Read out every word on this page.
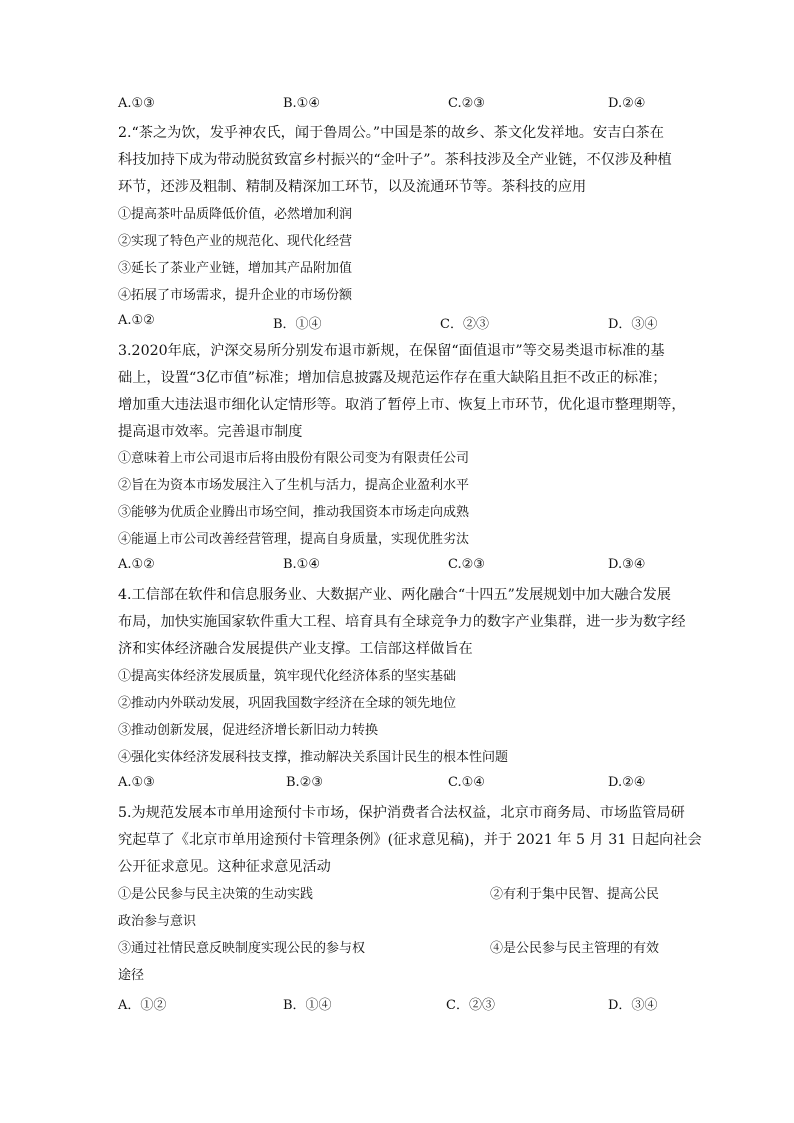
A.①③	B.①④	C.②③	D.②④
2.“茶之为饮，发乎神农氏，闻于鲁周公。”中国是茶的故乡、茶文化发祥地。安吉白茶在
科技加持下成为带动脱贫致富乡村振兴的“金叶子”。茶科技涉及全产业链，不仅涉及种植
环节，还涉及粗制、精制及精深加工环节，以及流通环节等。茶科技的应用
①提高茶叶品质降低价值，必然增加利润
②实现了特色产业的规范化、现代化经营
③延长了茶业产业链，增加其产品附加值
④拓展了市场需求，提升企业的市场份额
A.①②	B．①④	C．②③	D．③④
3.2020年底，沪深交易所分别发布退市新规，在保留“面值退市”等交易类退市标准的基
础上，设置“3亿市值”标准；增加信息披露及规范运作存在重大缺陷且拒不改正的标准；
增加重大违法退市细化认定情形等。取消了暂停上市、恢复上市环节，优化退市整理期等，
提高退市效率。完善退市制度
①意味着上市公司退市后将由股份有限公司变为有限责任公司
②旨在为资本市场发展注入了生机与活力，提高企业盈利水平
③能够为优质企业腾出市场空间，推动我国资本市场走向成熟
④能逼上市公司改善经营管理，提高自身质量，实现优胜劣汰
A.①②	B.①④	C.②③	D.③④
4.工信部在软件和信息服务业、大数据产业、两化融合“十四五”发展规划中加大融合发展
布局，加快实施国家软件重大工程、培育具有全球竞争力的数字产业集群，进一步为数字经
济和实体经济融合发展提供产业支撑。工信部这样做旨在
①提高实体经济发展质量，筑牢现代化经济体系的坚实基础
②推动内外联动发展，巩固我国数字经济在全球的领先地位
③推动创新发展，促进经济增长新旧动力转换
④强化实体经济发展科技支撑，推动解决关系国计民生的根本性问题
A.①③	B.②③	C.①④	D.②④
5.为规范发展本市单用途预付卡市场，保护消费者合法权益，北京市商务局、市场监管局研
究起草了《北京市单用途预付卡管理条例》(征求意见稿)，并于 2021 年 5 月 31 日起向社会
公开征求意见。这种征求意见活动
①是公民参与民主决策的生动实践	②有利于集中民智、提高公民
政治参与意识
③通过社情民意反映制度实现公民的参与权	④是公民参与民主管理的有效
途径
A．①②	B．①④	C．②③	D．③④
